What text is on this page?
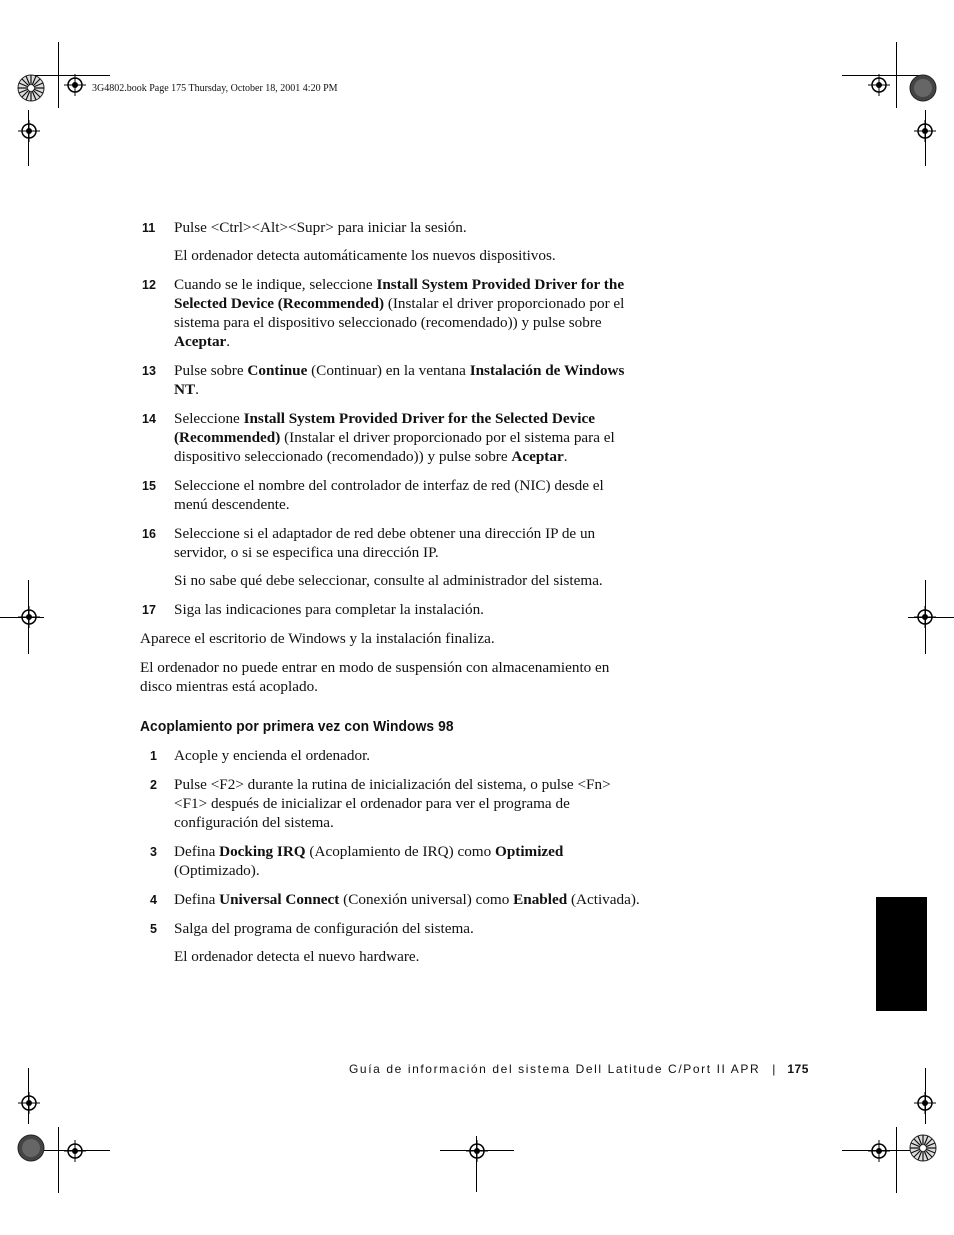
3G4802.book Page 175 Thursday, October 18, 2001 4:20 PM
11	Pulse <Ctrl><Alt><Supr> para iniciar la sesión.

El ordenador detecta automáticamente los nuevos dispositivos.

12	Cuando se le indique, seleccione Install System Provided Driver for the Selected Device (Recommended) (Instalar el driver proporcionado por el sistema para el dispositivo seleccionado (recomendado)) y pulse sobre Aceptar.

13	Pulse sobre Continue (Continuar) en la ventana Instalación de Windows NT.

14	Seleccione Install System Provided Driver for the Selected Device (Recommended) (Instalar el driver proporcionado por el sistema para el dispositivo seleccionado (recomendado)) y pulse sobre Aceptar.

15	Seleccione el nombre del controlador de interfaz de red (NIC) desde el menú descendente.

16	Seleccione si el adaptador de red debe obtener una dirección IP de un servidor, o si se especifica una dirección IP.

Si no sabe qué debe seleccionar, consulte al administrador del sistema.

17	Siga las indicaciones para completar la instalación.

Aparece el escritorio de Windows y la instalación finaliza.

El ordenador no puede entrar en modo de suspensión con almacenamiento en disco mientras está acoplado.

Acoplamiento por primera vez con Windows 98
1	Acople y encienda el ordenador.

2	Pulse <F2> durante la rutina de inicialización del sistema, o pulse <Fn><F1> después de inicializar el ordenador para ver el programa de configuración del sistema.

3	Defina Docking IRQ (Acoplamiento de IRQ) como Optimized (Optimizado).

4	Defina Universal Connect (Conexión universal) como Enabled (Activada).

5	Salga del programa de configuración del sistema.

El ordenador detecta el nuevo hardware.

Guía de información del sistema Dell Latitude C/Port II APR | 175
